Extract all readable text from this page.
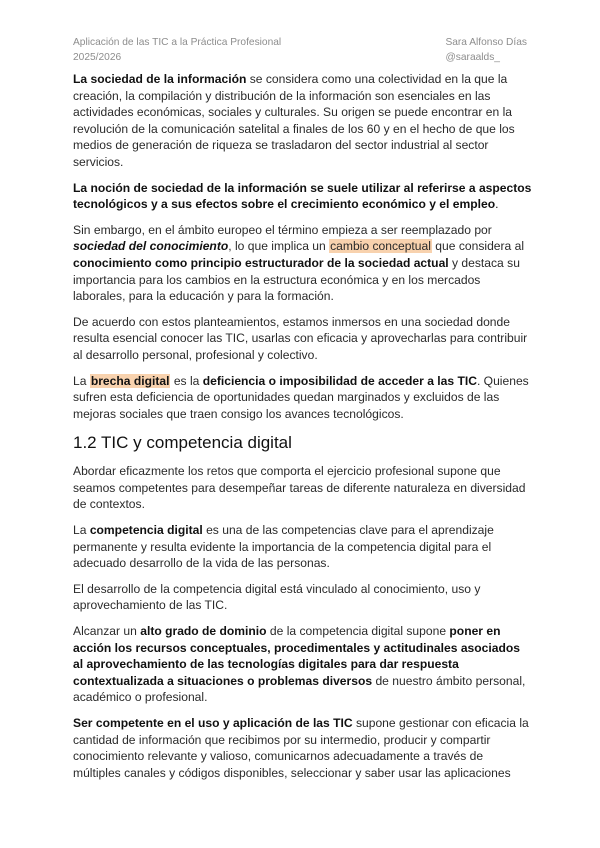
Aplicación de las TIC a la Práctica Profesional
2025/2026
Sara Alfonso Días
@saraalds_

La sociedad de la información se considera como una colectividad en la que la creación, la compilación y distribución de la información son esenciales en las actividades económicas, sociales y culturales. Su origen se puede encontrar en la revolución de la comunicación satelital a finales de los 60 y en el hecho de que los medios de generación de riqueza se trasladaron del sector industrial al sector servicios.

La noción de sociedad de la información se suele utilizar al referirse a aspectos tecnológicos y a sus efectos sobre el crecimiento económico y el empleo.

Sin embargo, en el ámbito europeo el término empieza a ser reemplazado por sociedad del conocimiento, lo que implica un cambio conceptual que considera al conocimiento como principio estructurador de la sociedad actual y destaca su importancia para los cambios en la estructura económica y en los mercados laborales, para la educación y para la formación.

De acuerdo con estos planteamientos, estamos inmersos en una sociedad donde resulta esencial conocer las TIC, usarlas con eficacia y aprovecharlas para contribuir al desarrollo personal, profesional y colectivo.

La brecha digital es la deficiencia o imposibilidad de acceder a las TIC. Quienes sufren esta deficiencia de oportunidades quedan marginados y excluidos de las mejoras sociales que traen consigo los avances tecnológicos.

1.2 TIC y competencia digital

Abordar eficazmente los retos que comporta el ejercicio profesional supone que seamos competentes para desempeñar tareas de diferente naturaleza en diversidad de contextos.

La competencia digital es una de las competencias clave para el aprendizaje permanente y resulta evidente la importancia de la competencia digital para el adecuado desarrollo de la vida de las personas.

El desarrollo de la competencia digital está vinculado al conocimiento, uso y aprovechamiento de las TIC.

Alcanzar un alto grado de dominio de la competencia digital supone poner en acción los recursos conceptuales, procedimentales y actitudinales asociados al aprovechamiento de las tecnologías digitales para dar respuesta contextualizada a situaciones o problemas diversos de nuestro ámbito personal, académico o profesional.

Ser competente en el uso y aplicación de las TIC supone gestionar con eficacia la cantidad de información que recibimos por su intermedio, producir y compartir conocimiento relevante y valioso, comunicarnos adecuadamente a través de múltiples canales y códigos disponibles, seleccionar y saber usar las aplicaciones
